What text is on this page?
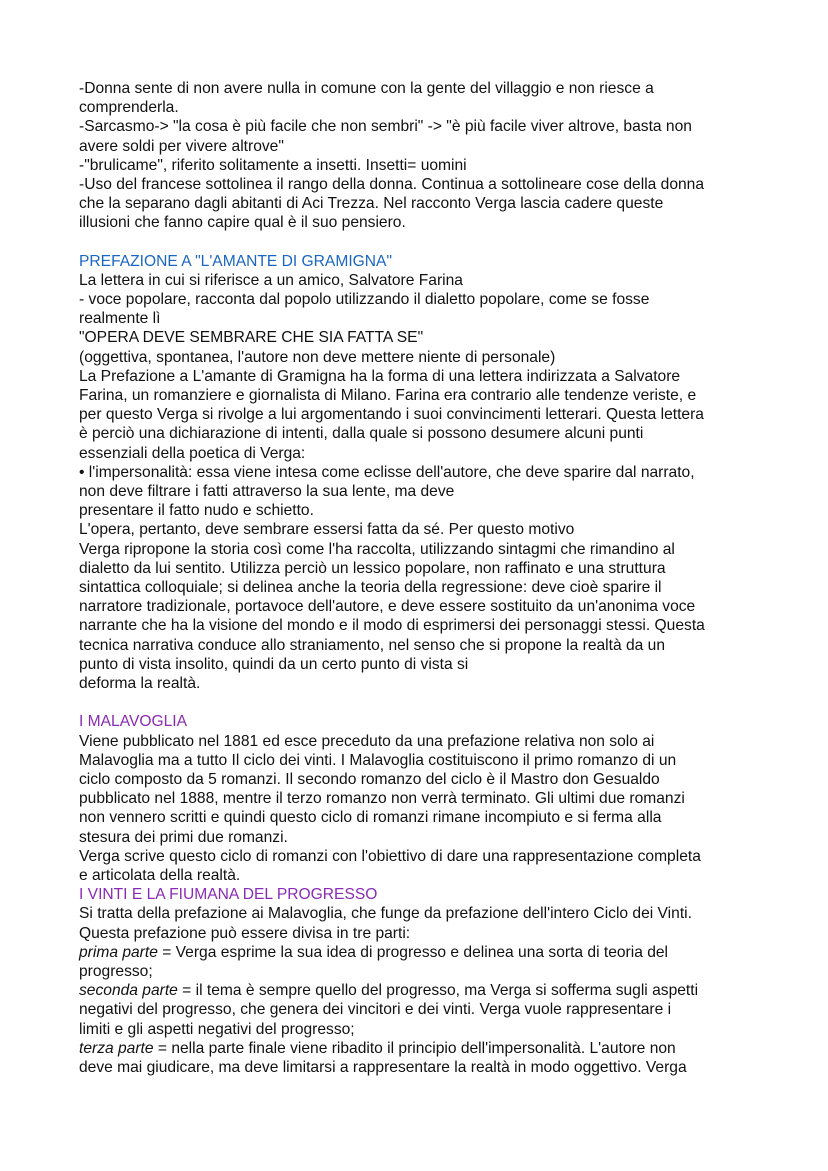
-Donna sente di non avere nulla in comune con la gente del villaggio e non riesce a

comprenderla.

-Sarcasmo-> "la cosa è più facile che non sembri" -> "è più facile viver altrove, basta non

avere soldi per vivere altrove"

-"brulicame", riferito solitamente a insetti. Insetti= uomini

-Uso del francese sottolinea il rango della donna. Continua a sottolineare cose della donna

che la separano dagli abitanti di Aci Trezza. Nel racconto Verga lascia cadere queste

illusioni che fanno capire qual è il suo pensiero.

PREFAZIONE A "L'AMANTE DI GRAMIGNA"

La lettera in cui si riferisce a un amico, Salvatore Farina

- voce popolare, racconta dal popolo utilizzando il dialetto popolare, come se fosse

realmente lì

"OPERA DEVE SEMBRARE CHE SIA FATTA SE"

(oggettiva, spontanea, l'autore non deve mettere niente di personale)

La Prefazione a L'amante di Gramigna ha la forma di una lettera indirizzata a Salvatore

Farina, un romanziere e giornalista di Milano. Farina era contrario alle tendenze veriste, e

per questo Verga si rivolge a lui argomentando i suoi convincimenti letterari. Questa lettera

è perciò una dichiarazione di intenti, dalla quale si possono desumere alcuni punti

essenziali della poetica di Verga:

• l'impersonalità: essa viene intesa come eclisse dell'autore, che deve sparire dal narrato,

non deve filtrare i fatti attraverso la sua lente, ma deve

presentare il fatto nudo e schietto.

L'opera, pertanto, deve sembrare essersi fatta da sé. Per questo motivo

Verga ripropone la storia così come l'ha raccolta, utilizzando sintagmi che rimandino al

dialetto da lui sentito. Utilizza perciò un lessico popolare, non raffinato e una struttura

sintattica colloquiale; si delinea anche la teoria della regressione: deve cioè sparire il

narratore tradizionale, portavoce dell'autore, e deve essere sostituito da un'anonima voce

narrante che ha la visione del mondo e il modo di esprimersi dei personaggi stessi. Questa

tecnica narrativa conduce allo straniamento, nel senso che si propone la realtà da un

punto di vista insolito, quindi da un certo punto di vista si

deforma la realtà.

I MALAVOGLIA

Viene pubblicato nel 1881 ed esce preceduto da una prefazione relativa non solo ai

Malavoglia ma a tutto Il ciclo dei vinti. I Malavoglia costituiscono il primo romanzo di un

ciclo composto da 5 romanzi. Il secondo romanzo del ciclo è il Mastro don Gesualdo

pubblicato nel 1888, mentre il terzo romanzo non verrà terminato. Gli ultimi due romanzi

non vennero scritti e quindi questo ciclo di romanzi rimane incompiuto e si ferma alla

stesura dei primi due romanzi.

Verga scrive questo ciclo di romanzi con l'obiettivo di dare una rappresentazione completa

e articolata della realtà.

I VINTI E LA FIUMANA DEL PROGRESSO

Si tratta della prefazione ai Malavoglia, che funge da prefazione dell'intero Ciclo dei Vinti.

Questa prefazione può essere divisa in tre parti:

prima parte = Verga esprime la sua idea di progresso e delinea una sorta di teoria del

progresso;

seconda parte = il tema è sempre quello del progresso, ma Verga si sofferma sugli aspetti

negativi del progresso, che genera dei vincitori e dei vinti. Verga vuole rappresentare i

limiti e gli aspetti negativi del progresso;

terza parte = nella parte finale viene ribadito il principio dell'impersonalità. L'autore non

deve mai giudicare, ma deve limitarsi a rappresentare la realtà in modo oggettivo. Verga
